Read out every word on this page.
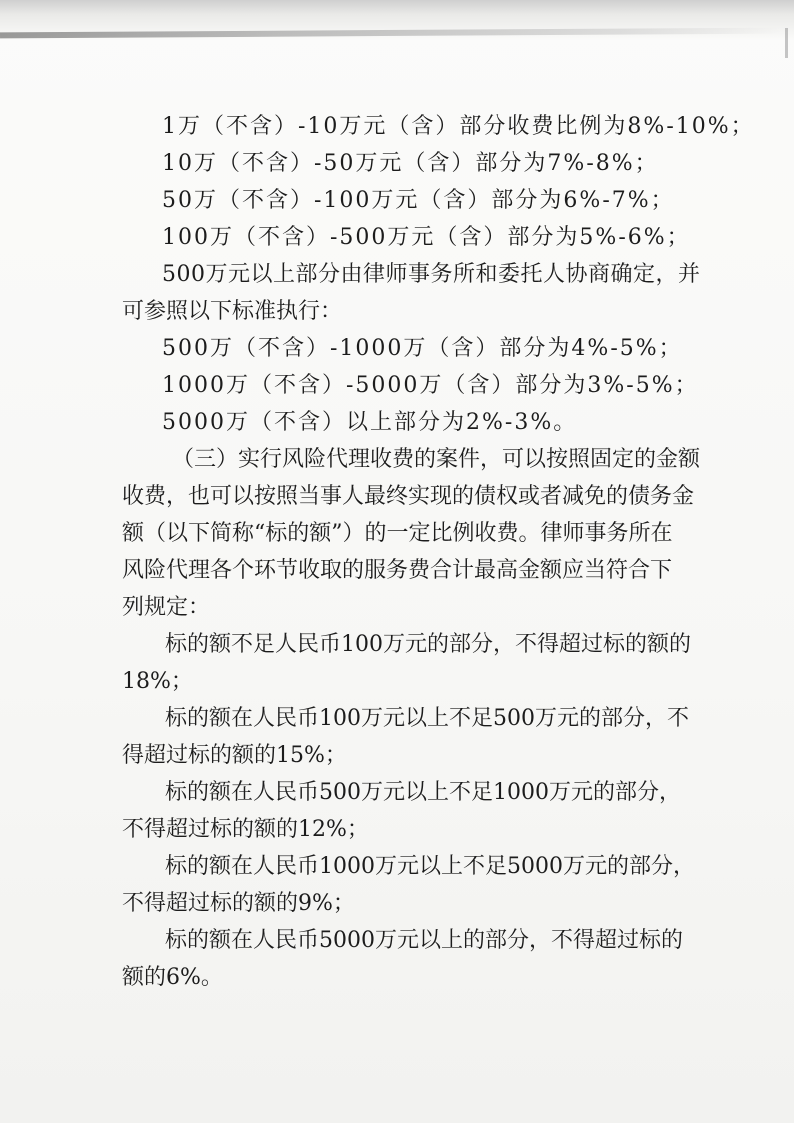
1万（不含）-10万元（含）部分收费比例为8%-10%；
10万（不含）-50万元（含）部分为7%-8%；
50万（不含）-100万元（含）部分为6%-7%；
100万（不含）-500万元（含）部分为5%-6%；
500万元以上部分由律师事务所和委托人协商确定，并
可参照以下标准执行：
500万（不含）-1000万（含）部分为4%-5%；
1000万（不含）-5000万（含）部分为3%-5%；
5000万（不含）以上部分为2%-3%。
（三）实行风险代理收费的案件，可以按照固定的金额
收费，也可以按照当事人最终实现的债权或者减免的债务金
额（以下简称“标的额”）的一定比例收费。律师事务所在
风险代理各个环节收取的服务费合计最高金额应当符合下
列规定：
标的额不足人民币100万元的部分，不得超过标的额的
18%；
标的额在人民币100万元以上不足500万元的部分，不
得超过标的额的15%；
标的额在人民币500万元以上不足1000万元的部分，
不得超过标的额的12%；
标的额在人民币1000万元以上不足5000万元的部分，
不得超过标的额的9%；
标的额在人民币5000万元以上的部分，不得超过标的
额的6%。
